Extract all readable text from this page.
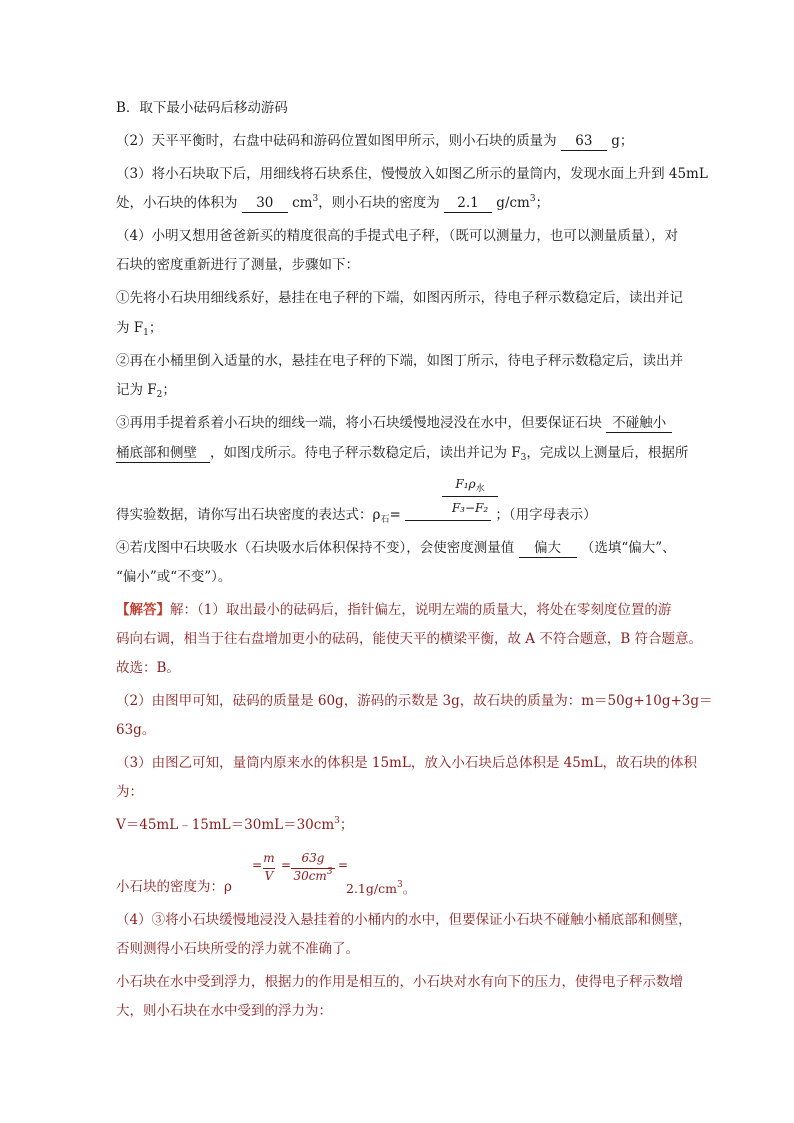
B．取下最小砝码后移动游码
（2）天平平衡时，右盘中砝码和游码位置如图甲所示，则小石块的质量为 63 g；
（3）将小石块取下后，用细线将石块系住，慢慢放入如图乙所示的量筒内，发现水面上升到 45mL
处，小石块的体积为 30 $cm^3$，则小石块的密度为 2.1 $g/cm^3$；
（4）小明又想用爸爸新买的精度很高的手提式电子秤，（既可以测量力，也可以测量质量），对
石块的密度重新进行了测量，步骤如下：
①先将小石块用细线系好，悬挂在电子秤的下端，如图丙所示，待电子秤示数稳定后，读出并记
为 $F_1$；
②再在小桶里倒入适量的水，悬挂在电子秤的下端，如图丁所示，待电子秤示数稳定后，读出并
记为 $F_2$；
③再用手提着系着小石块的细线一端，将小石块缓慢地浸没在水中，但要保证石块 不碰触小
桶底部和侧壁 ，如图戊所示。待电子秤示数稳定后，读出并记为 $F_3$，完成以上测量后，根据所
得实验数据，请你写出石块密度的表达式：$\rho_石=$	；（用字母表示）
$F_1\rho_水$
F₃−F₂
④若戊图中石块吸水（石块吸水后体积保持不变），会使密度测量值 偏大 （选填“偏大”、
“偏小”或“不变”）。
【解答】解：（1）取出最小的砝码后，指针偏左，说明左端的质量大，将处在零刻度位置的游
码向右调，相当于往右盘增加更小的砝码，能使天平的横梁平衡，故 A 不符合题意，B 符合题意。
故选：B。
（2）由图甲可知，砝码的质量是 60g，游码的示数是 3g，故石块的质量为：m＝50g+10g+3g＝
63g。
（3）由图乙可知，量筒内原来水的体积是 15mL，放入小石块后总体积是 45mL，故石块的体积
为：
$V=45mL﹣15mL=30mL=30cm^3$；
小石块的密度为：ρ
= m
V
= 63g
$30cm^3$ =
$2.1g/cm^3$。
（4）③将小石块缓慢地浸没入悬挂着的小桶内的水中，但要保证小石块不碰触小桶底部和侧壁，
否则测得小石块所受的浮力就不准确了。
小石块在水中受到浮力，根据力的作用是相互的，小石块对水有向下的压力，使得电子秤示数增
大，则小石块在水中受到的浮力为：
